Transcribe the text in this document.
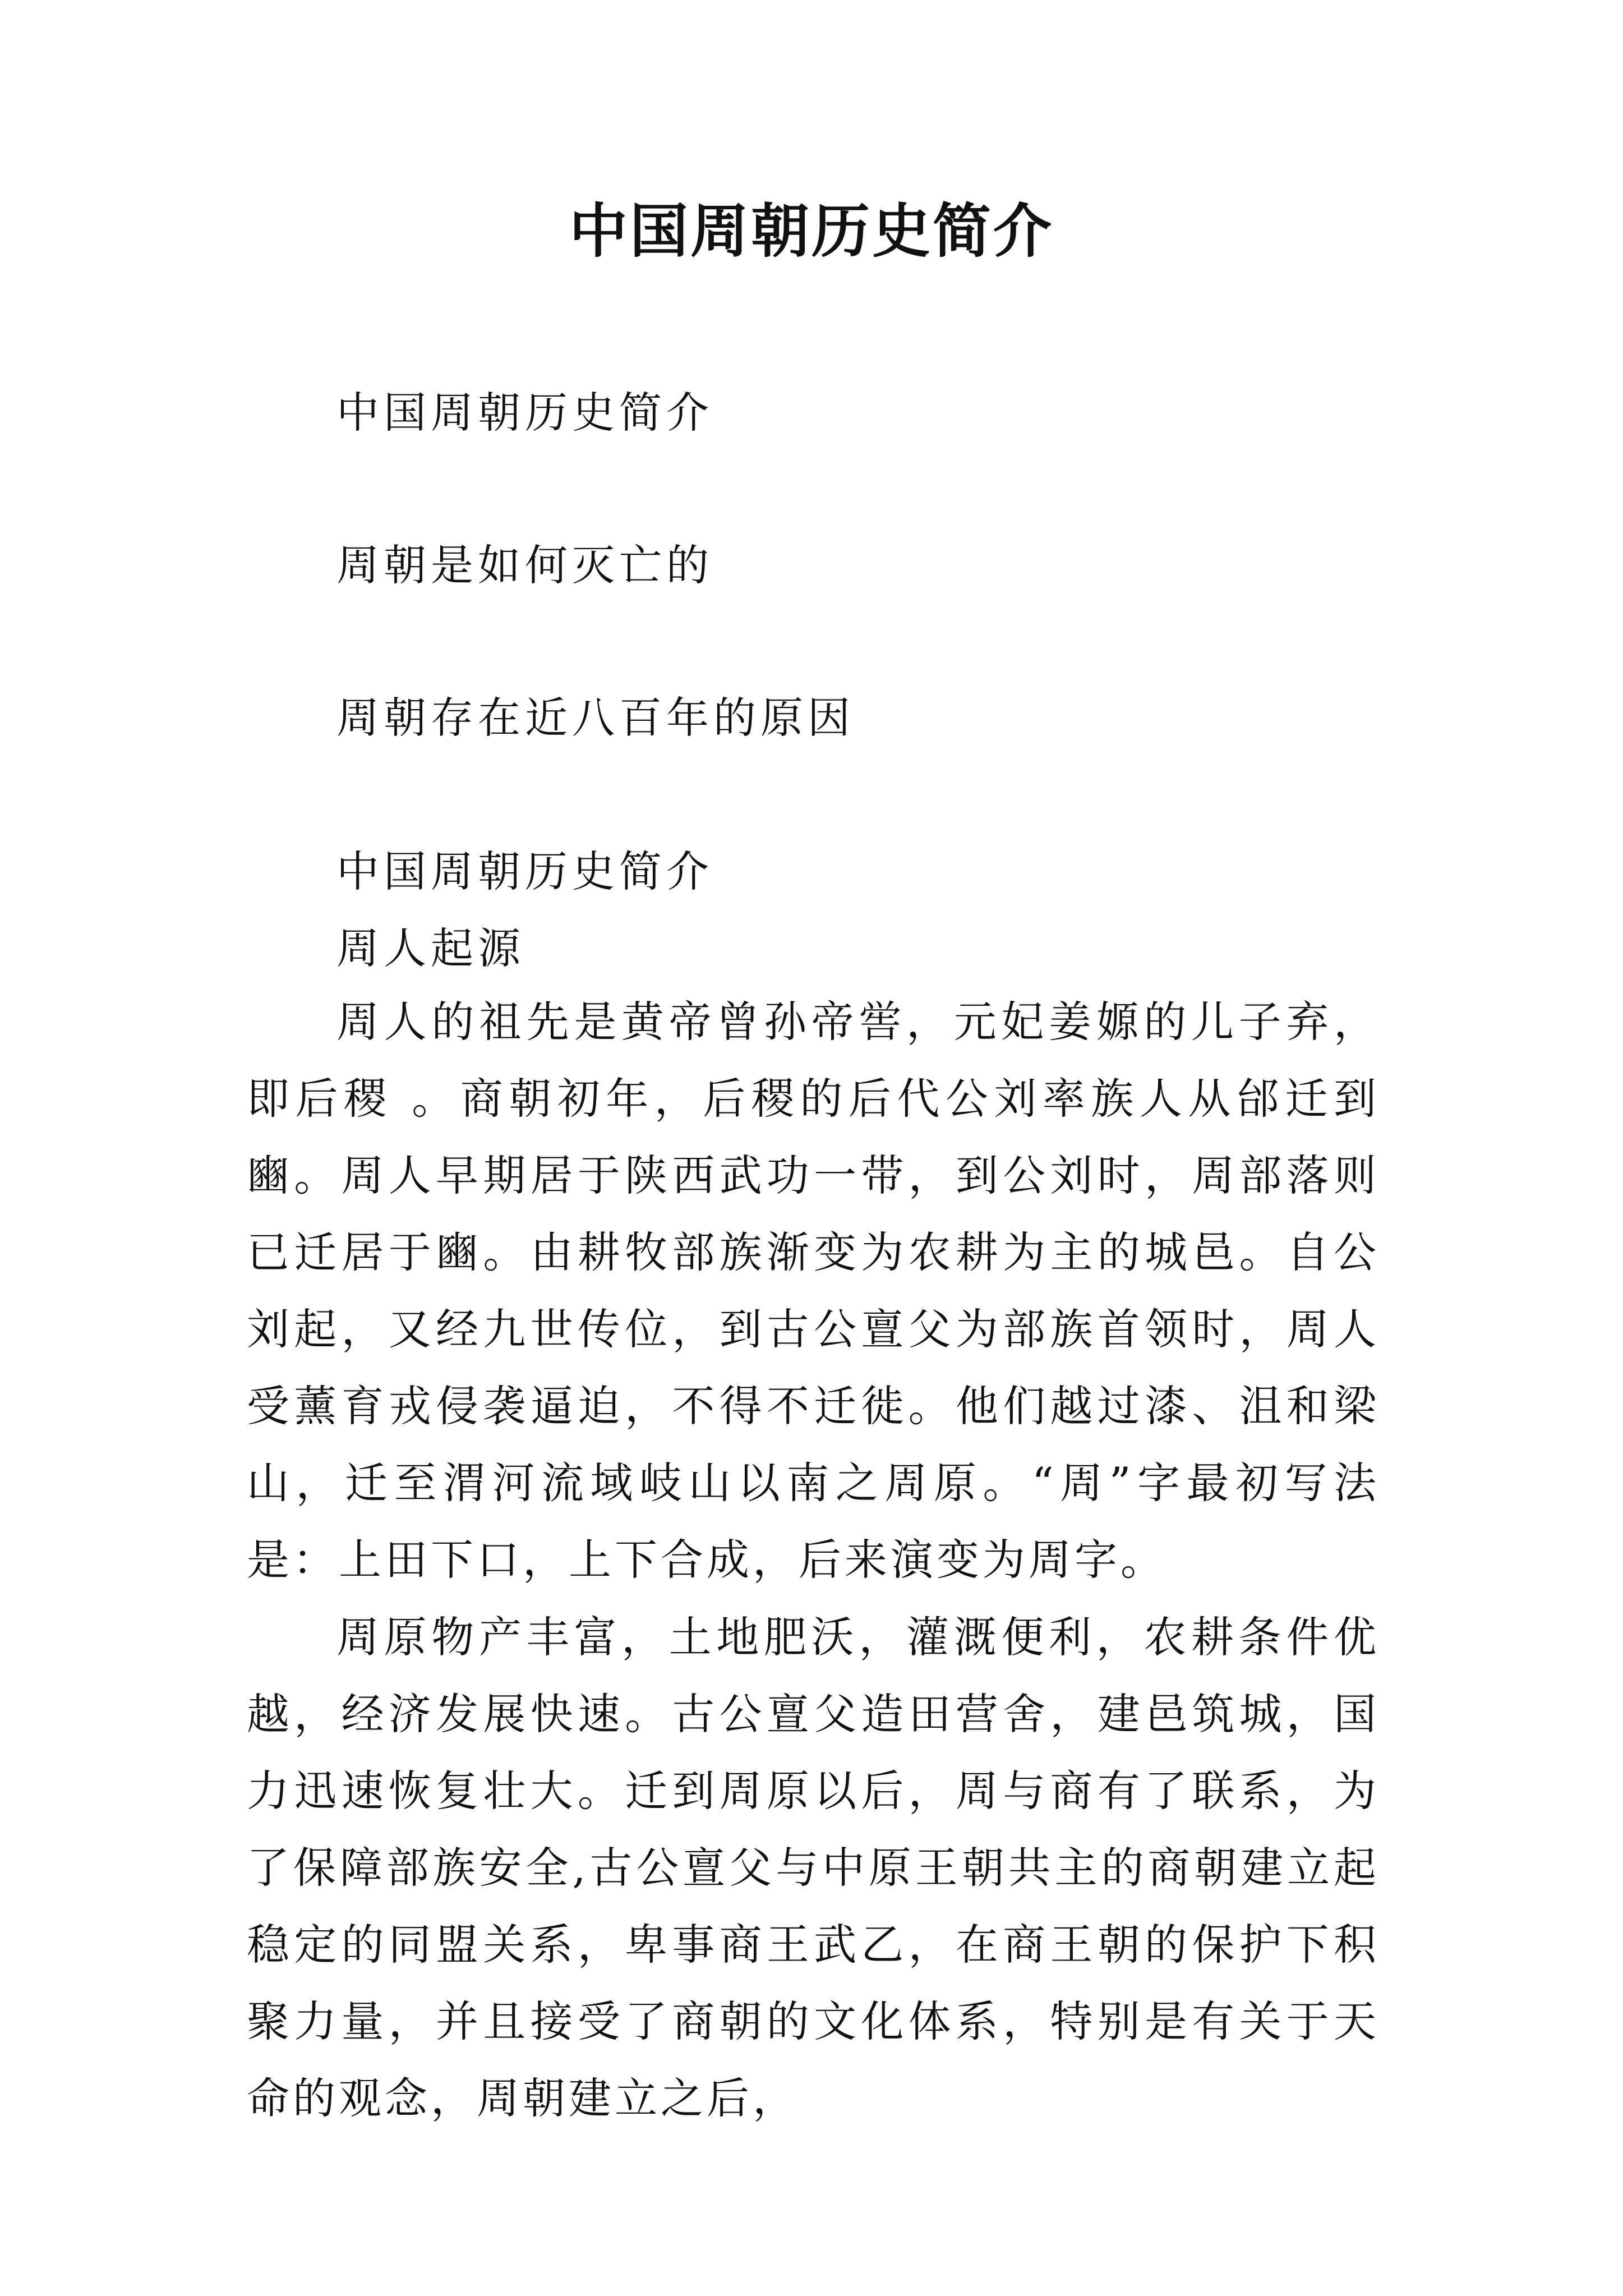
中国周朝历史简介

中国周朝历史简介

周朝是如何灭亡的

周朝存在近八百年的原因

中国周朝历史简介

周人起源

周人的祖先是黄帝曾孙帝喾，元妃姜嫄的儿子弃，即后稷 。商朝初年，后稷的后代公刘率族人从邰迁到豳。周人早期居于陕西武功一带，到公刘时，周部落则已迁居于豳。由耕牧部族渐变为农耕为主的城邑。自公刘起，又经九世传位，到古公亶父为部族首领时，周人受薰育戎侵袭逼迫，不得不迁徙。他们越过漆、沮和梁山，迁至渭河流域岐山以南之周原。“周”字最初写法是：上田下口，上下合成，后来演变为周字。

周原物产丰富，土地肥沃，灌溉便利，农耕条件优越，经济发展快速。古公亶父造田营舍，建邑筑城，国力迅速恢复壮大。迁到周原以后，周与商有了联系，为了保障部族安全,古公亶父与中原王朝共主的商朝建立起稳定的同盟关系，卑事商王武乙，在商王朝的保护下积聚力量，并且接受了商朝的文化体系，特别是有关于天命的观念，周朝建立之后，
